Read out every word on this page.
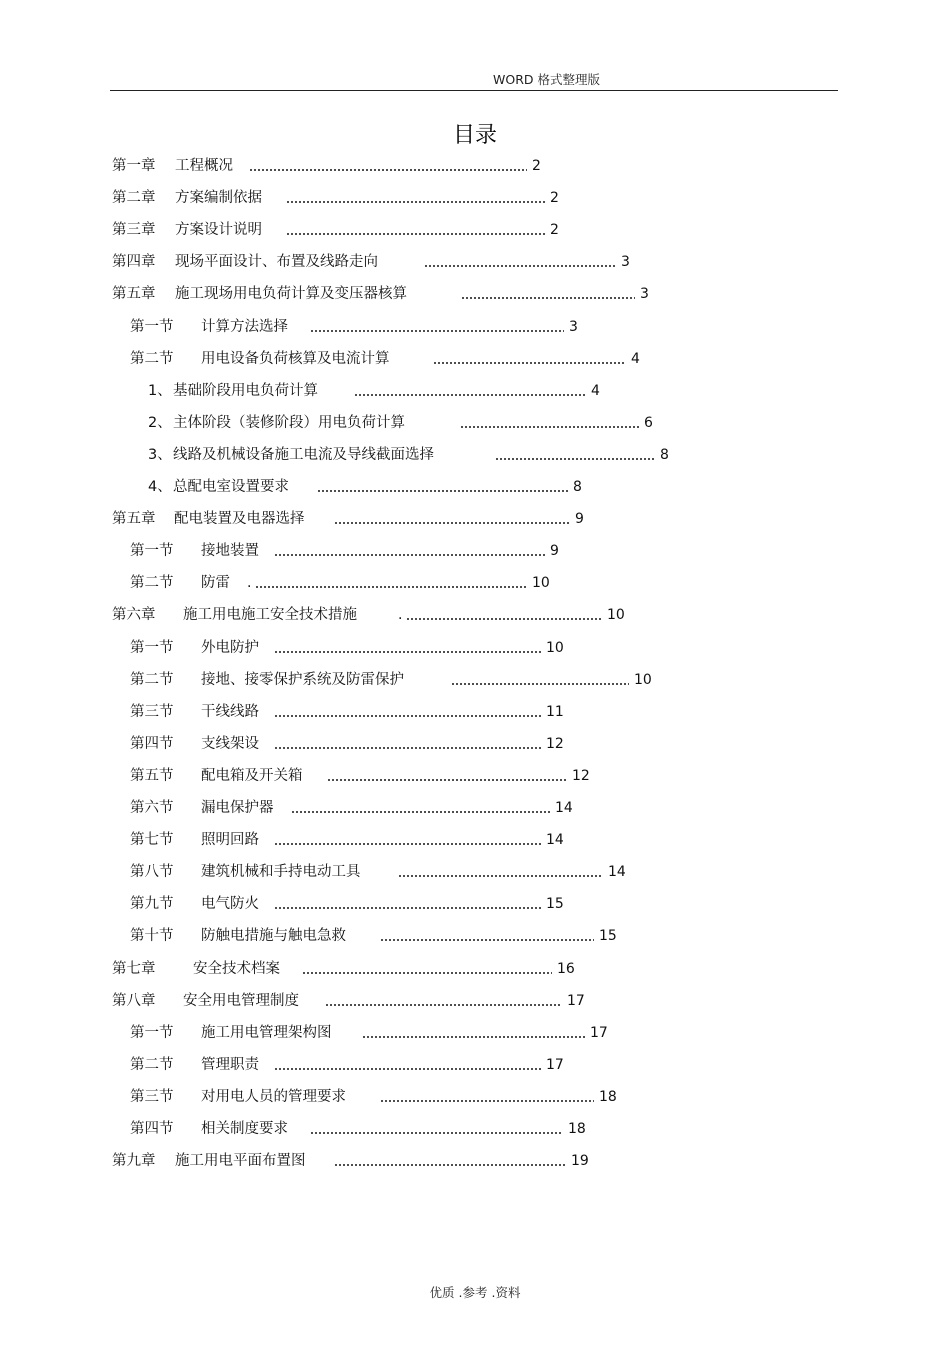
WORD 格式整理版
目录
第一章 工程概况	2
第二章 方案编制依据	2
第三章 方案设计说明	2
第四章 现场平面设计、布置及线路走向	3
第五章 施工现场用电负荷计算及变压器核算	3
第一节 计算方法选择	3
第二节 用电设备负荷核算及电流计算	4
1、 基础阶段用电负荷计算	4
2、 主体阶段（装修阶段）用电负荷计算	6
3、 线路及机械设备施工电流及导线截面选择	8
4、 总配电室设置要求	8
第五章 配电装置及电器选择	9
第一节 接地装置	9
第二节 防雷 .	10
第六章 施工用电施工安全技术措施	.	10
第一节 外电防护	10
第二节 接地、接零保护系统及防雷保护	10
第三节 干线线路	11
第四节 支线架设	12
第五节 配电箱及开关箱	12
第六节 漏电保护器	14
第七节 照明回路	14
第八节 建筑机械和手持电动工具	14
第九节 电气防火	15
第十节 防触电措施与触电急救	15
第七章	安全技术档案	16
第八章 安全用电管理制度	17
第一节 施工用电管理架构图	17
第二节 管理职责	17
第三节 对用电人员的管理要求	18
第四节 相关制度要求	18
第九章 施工用电平面布置图	19
优质 .参考 .资料
